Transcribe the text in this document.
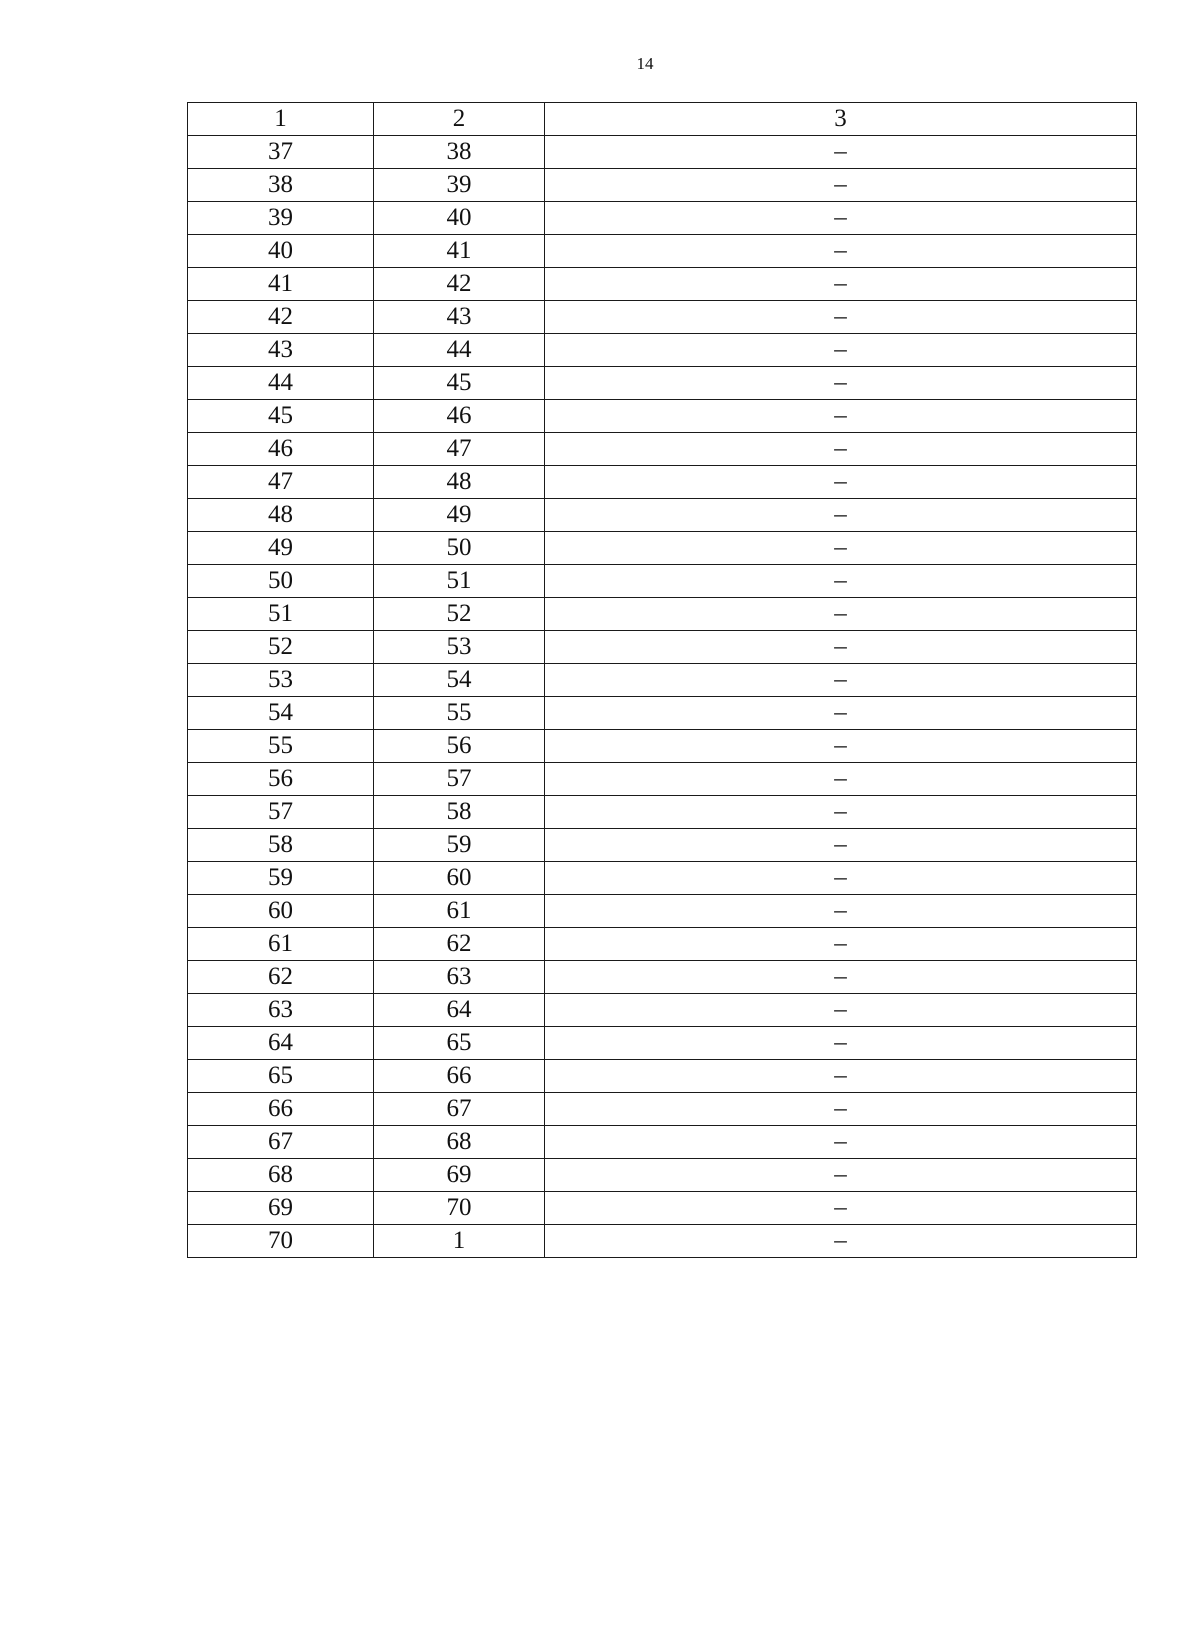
14
1	2	3
37	38	–
38	39	–
39	40	–
40	41	–
41	42	–
42	43	–
43	44	–
44	45	–
45	46	–
46	47	–
47	48	–
48	49	–
49	50	–
50	51	–
51	52	–
52	53	–
53	54	–
54	55	–
55	56	–
56	57	–
57	58	–
58	59	–
59	60	–
60	61	–
61	62	–
62	63	–
63	64	–
64	65	–
65	66	–
66	67	–
67	68	–
68	69	–
69	70	–
70	1	–
